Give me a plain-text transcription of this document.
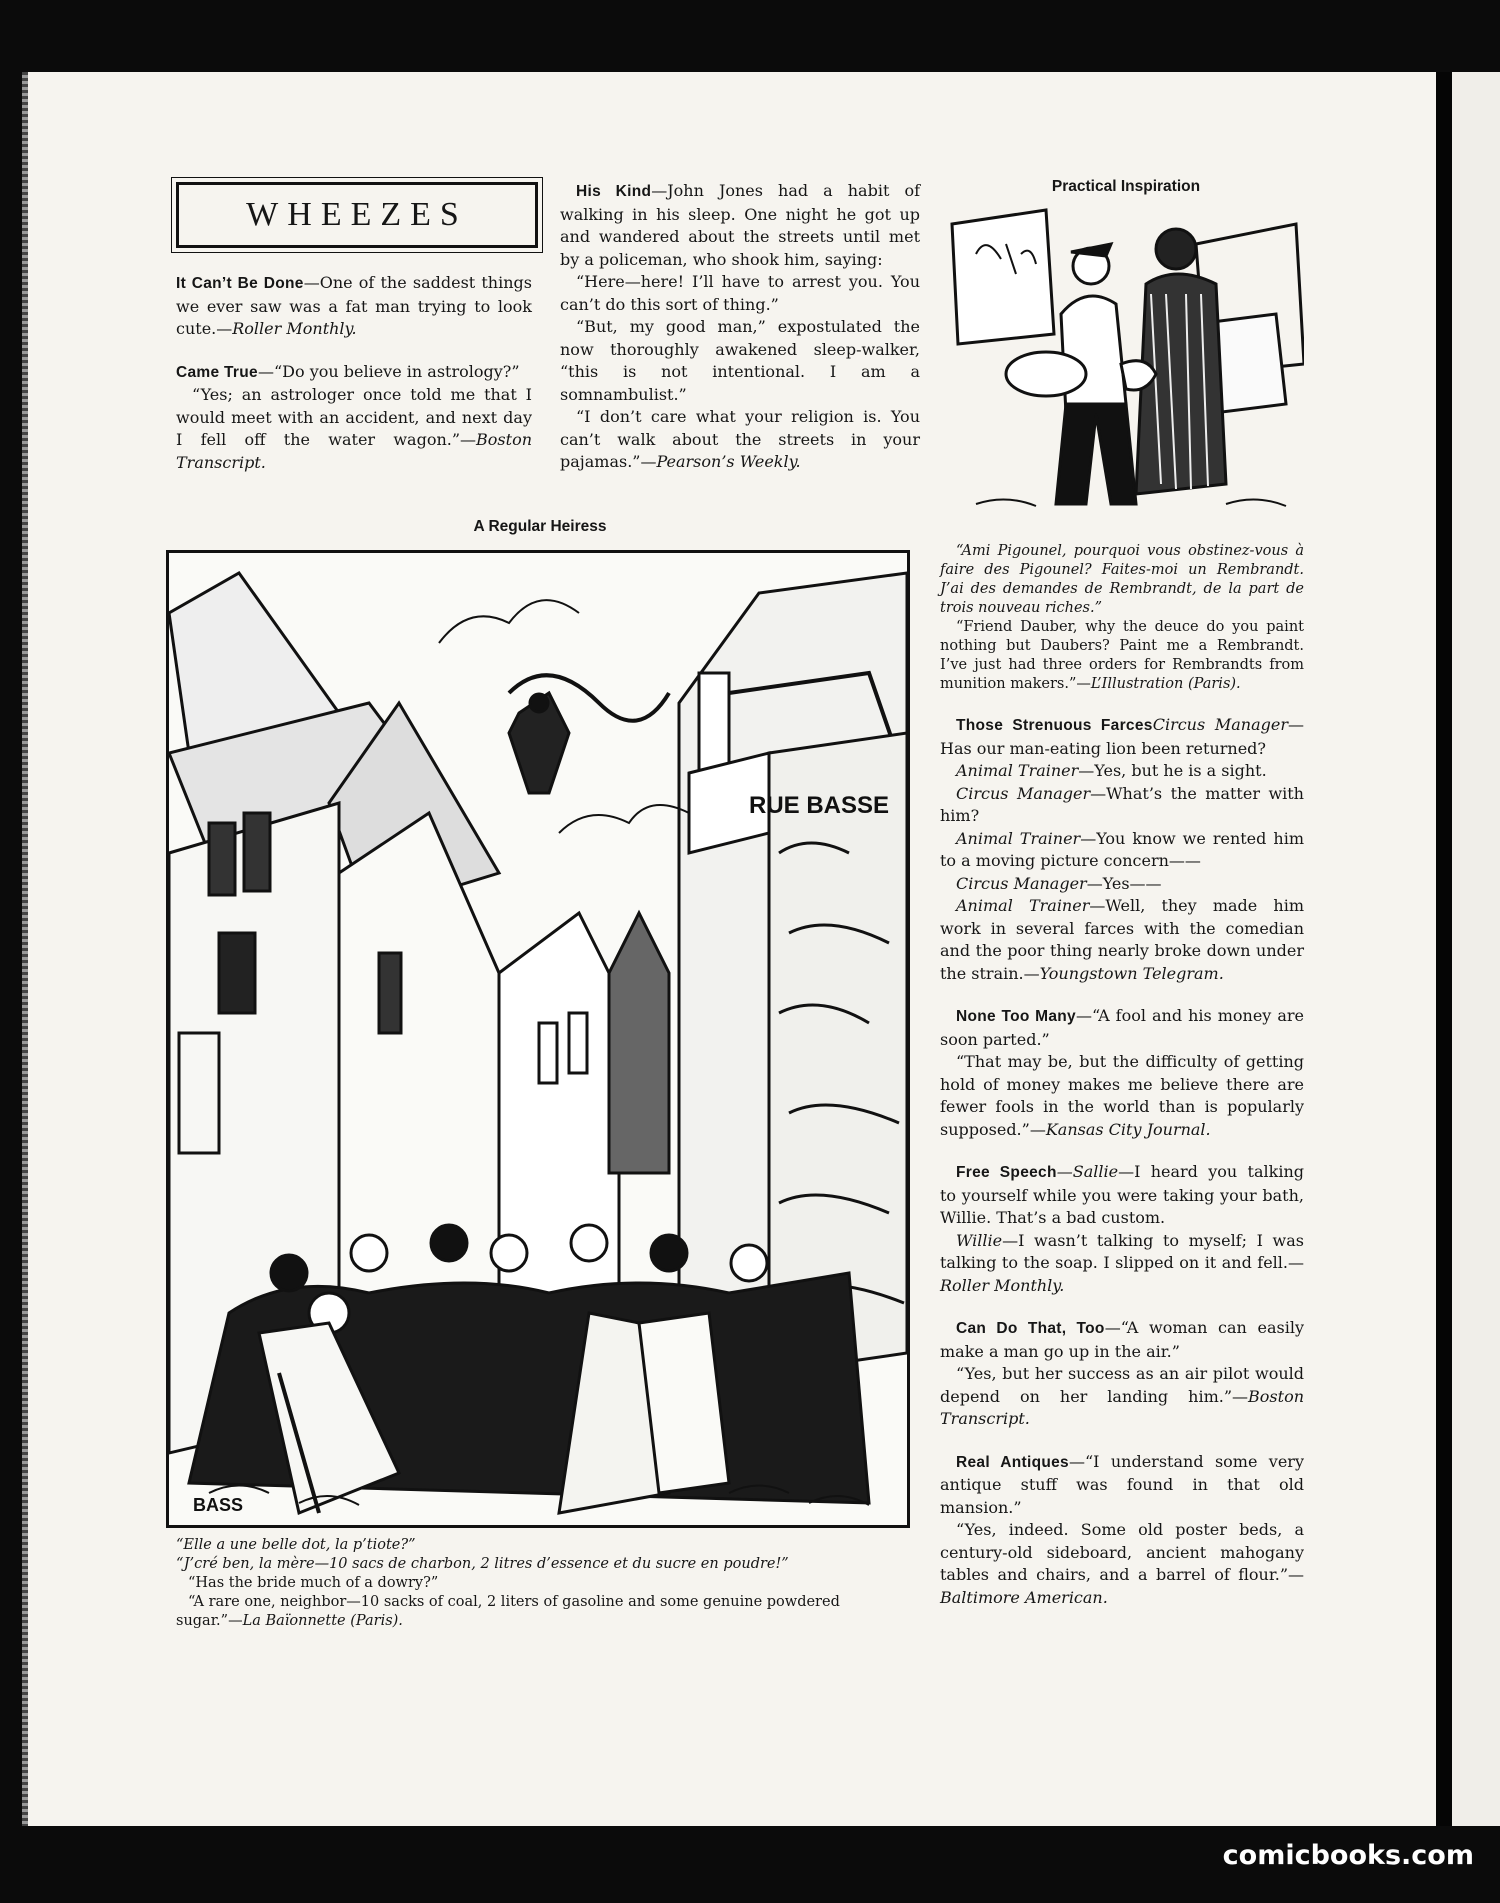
WHEEZES

It Can’t Be Done—One of the saddest things we ever saw was a fat man trying to look cute.—Roller Monthly.

Came True—“Do you believe in astrology?”

“Yes; an astrologer once told me that I would meet with an accident, and next day I fell off the water wagon.”—Boston Transcript.

His Kind—John Jones had a habit of walking in his sleep. One night he got up and wandered about the streets until met by a policeman, who shook him, saying:

“Here—here! I’ll have to arrest you. You can’t do this sort of thing.”

“But, my good man,” expostulated the now thoroughly awakened sleep-walker, “this is not intentional. I am a somnambulist.”

“I don’t care what your religion is. You can’t walk about the streets in your pajamas.”—Pearson’s Weekly.

A Regular Heiress
RUE BASSE
BASS
“Elle a une belle dot, la p’tiote?”
“J’cré ben, la mère—10 sacs de charbon, 2 litres d’essence et du sucre en poudre!”
“Has the bride much of a dowry?”
“A rare one, neighbor—10 sacks of coal, 2 liters of gasoline and some genuine powdered sugar.”—La Baïonnette (Paris).
Practical Inspiration

“Ami Pigounel, pourquoi vous obstinez-vous à faire des Pigounel? Faites-moi un Rembrandt. J’ai des demandes de Rembrandt, de la part de trois nouveau riches.”

“Friend Dauber, why the deuce do you paint nothing but Daubers? Paint me a Rembrandt. I’ve just had three orders for Rembrandts from munition makers.”—L’Illustration (Paris).

Those Strenuous FarcesCircus Manager—Has our man-eating lion been returned?

Animal Trainer—Yes, but he is a sight.

Circus Manager—What’s the matter with him?

Animal Trainer—You know we rented him to a moving picture concern——

Circus Manager—Yes——

Animal Trainer—Well, they made him work in several farces with the comedian and the poor thing nearly broke down under the strain.—Youngstown Telegram.

None Too Many—“A fool and his money are soon parted.”

“That may be, but the difficulty of getting hold of money makes me believe there are fewer fools in the world than is popularly supposed.”—Kansas City Journal.

Free Speech—Sallie—I heard you talking to yourself while you were taking your bath, Willie. That’s a bad custom.

Willie—I wasn’t talking to myself; I was talking to the soap. I slipped on it and fell.—Roller Monthly.

Can Do That, Too—“A woman can easily make a man go up in the air.”

“Yes, but her success as an air pilot would depend on her landing him.”—Boston Transcript.

Real Antiques—“I understand some very antique stuff was found in that old mansion.”

“Yes, indeed. Some old poster beds, a century-old sideboard, ancient mahogany tables and chairs, and a barrel of flour.”—Baltimore American.

comicbooks.com
